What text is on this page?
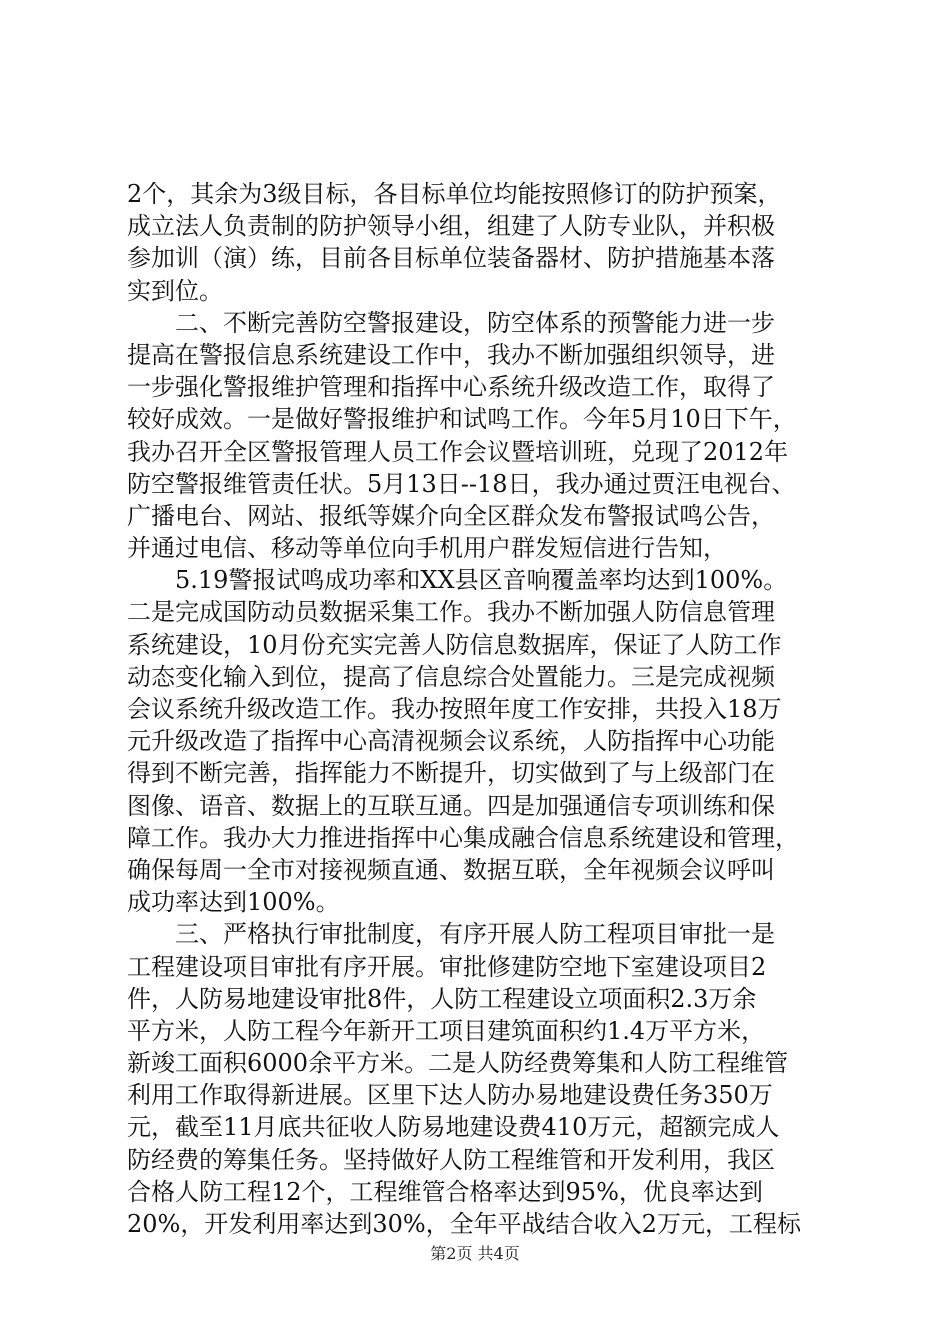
2个，其余为3级目标，各目标单位均能按照修订的防护预案，
成立法人负责制的防护领导小组，组建了人防专业队，并积极
参加训（演）练，目前各目标单位装备器材、防护措施基本落
实到位。
　　二、不断完善防空警报建设，防空体系的预警能力进一步
提高在警报信息系统建设工作中，我办不断加强组织领导，进
一步强化警报维护管理和指挥中心系统升级改造工作，取得了
较好成效。一是做好警报维护和试鸣工作。今年5月10日下午，
我办召开全区警报管理人员工作会议暨培训班，兑现了2012年
防空警报维管责任状。5月13日--18日，我办通过贾汪电视台、
广播电台、网站、报纸等媒介向全区群众发布警报试鸣公告，
并通过电信、移动等单位向手机用户群发短信进行告知，
　　5.19警报试鸣成功率和XX县区音响覆盖率均达到100%。
二是完成国防动员数据采集工作。我办不断加强人防信息管理
系统建设，10月份充实完善人防信息数据库，保证了人防工作
动态变化输入到位，提高了信息综合处置能力。三是完成视频
会议系统升级改造工作。我办按照年度工作安排，共投入18万
元升级改造了指挥中心高清视频会议系统，人防指挥中心功能
得到不断完善，指挥能力不断提升，切实做到了与上级部门在
图像、语音、数据上的互联互通。四是加强通信专项训练和保
障工作。我办大力推进指挥中心集成融合信息系统建设和管理，
确保每周一全市对接视频直通、数据互联，全年视频会议呼叫
成功率达到100%。
　　三、严格执行审批制度，有序开展人防工程项目审批一是
工程建设项目审批有序开展。审批修建防空地下室建设项目2
件，人防易地建设审批8件，人防工程建设立项面积2.3万余
平方米，人防工程今年新开工项目建筑面积约1.4万平方米，
新竣工面积6000余平方米。二是人防经费筹集和人防工程维管
利用工作取得新进展。区里下达人防办易地建设费任务350万
元，截至11月底共征收人防易地建设费410万元，超额完成人
防经费的筹集任务。坚持做好人防工程维管和开发利用，我区
合格人防工程12个，工程维管合格率达到95%，优良率达到
20%，开发利用率达到30%，全年平战结合收入2万元，工程标
第2页 共4页
